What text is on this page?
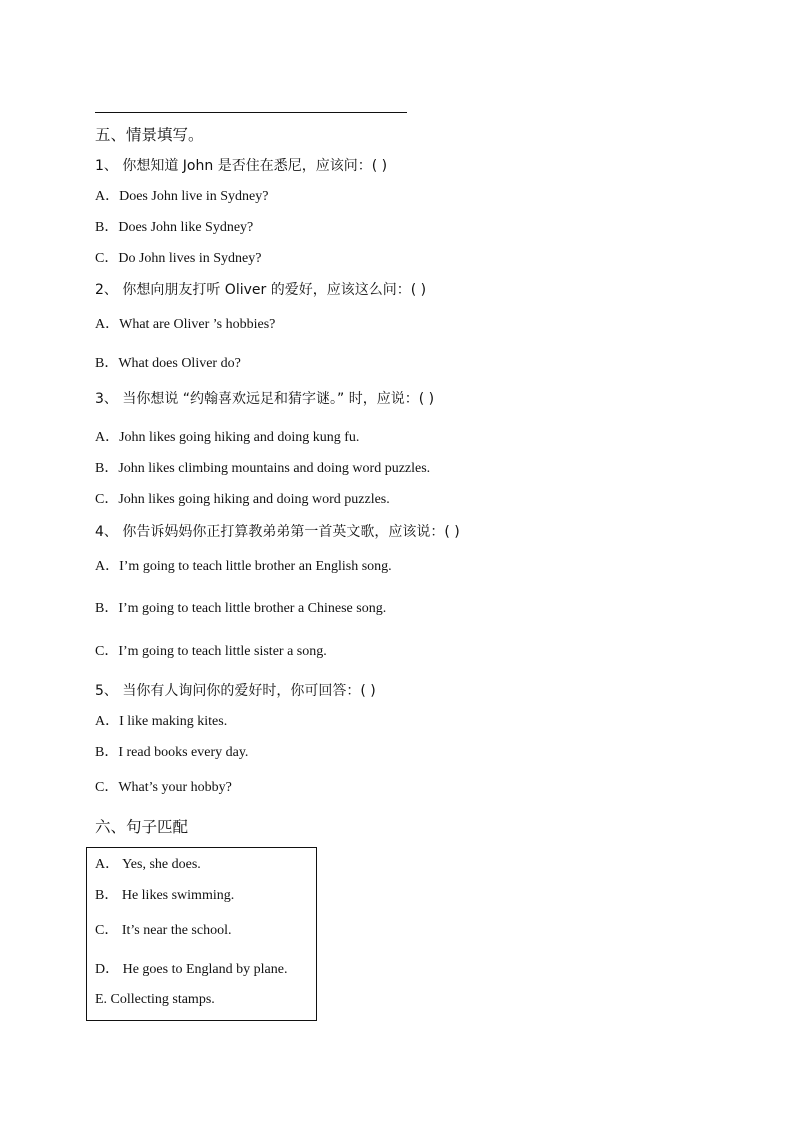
五、情景填写。
1、 你想知道 John 是否住在悉尼，应该问：( )
A．Does John live in Sydney?
B．Does John like Sydney?
C．Do John lives in Sydney?
2、 你想向朋友打听 Oliver 的爱好，应该这么问：( )
A．What are Oliver ’s hobbies?
B．What does Oliver do?
3、 当你想说 “约翰喜欢远足和猜字谜。” 时，应说：( )
A．John likes going hiking and doing kung fu.
B．John likes climbing mountains and doing word puzzles.
C．John likes going hiking and doing word puzzles.
4、 你告诉妈妈你正打算教弟弟第一首英文歌，应该说：( )
A．I’m going to teach little brother an English song.
B．I’m going to teach little brother a Chinese song.
C．I’m going to teach little sister a song.
5、 当你有人询问你的爱好时，你可回答：( )
A．I like making kites.
B．I read books every day.
C．What’s your hobby?
六、句子匹配
A． Yes, she does.
B． He likes swimming.
C． It’s near the school.
D． He goes to England by plane.
E. Collecting stamps.
